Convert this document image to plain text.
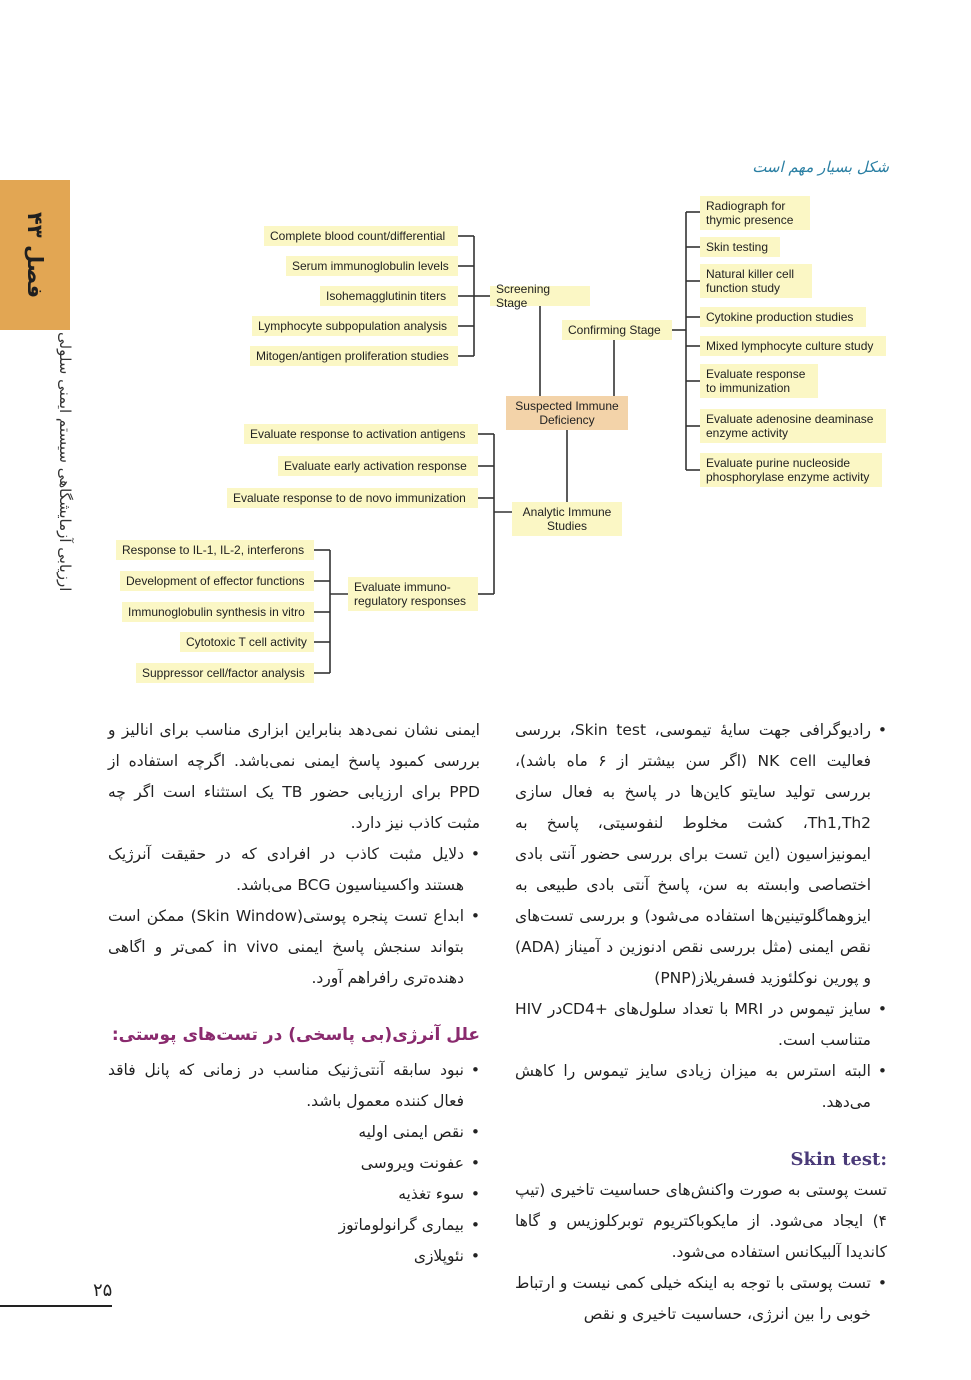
فصل ۴۳
ارزیابی آزمایشگاهی سیستم ایمنی سلولی
شکل بسیار مهم است
Complete blood count/differential
Serum immunoglobulin levels
Isohemagglutinin titers
Lymphocyte subpopulation analysis
Mitogen/antigen proliferation studies
Screening Stage
Confirming Stage
Radiograph for thymic presence
Skin testing
Natural killer cell function study
Cytokine production studies
Mixed lymphocyte culture study
Evaluate response to immunization
Evaluate adenosine deaminase enzyme activity
Evaluate purine nucleoside phosphorylase enzyme activity
Suspected Immune Deficiency
Evaluate response to activation antigens
Evaluate early activation response
Evaluate response to de novo immunization
Analytic Immune Studies
Response to IL-1, IL-2, interferons
Development of effector functions
Immunoglobulin synthesis in vitro
Cytotoxic T cell activity
Suppressor cell/factor analysis
Evaluate immuno- regulatory responses
• رادیوگرافی جهت سایهٔ تیموسی، Skin test، بررسی فعالیت NK cell (اگر سن بیشتر از ۶ ماه باشد)، بررسی تولید سایتو کاین‌ها در پاسخ به فعال سازی Th1,Th2، کشت مخلوط لنفوسیتی، پاسخ به ایمونیزاسیون (این تست برای بررسی حضور آنتی بادی اختصاصی وابسته به سن، پاسخ آنتی بادی طبیعی به ایزوهماگلوتینین‌ها استفاده می‌شود) و بررسی تست‌های نقص ایمنی (مثل بررسی نقص ادنوزین د آمیناز (ADA) و پورین نوکلئوزید فسفریلاز(PNP)
• سایز تیموس در MRI با تعداد سلول‌های +CD4در HIV متناسب است.
• البته استرس به میزان زیادی سایز تیموس را کاهش می‌دهد.
Skin test:
تست پوستی به صورت واکنش‌های حساسیت تاخیری (تیپ ۴) ایجاد می‌شود. از مایکوباکتریوم توبرکلوزیس و گاها کاندیدا آلبیکانس استفاده می‌شود.
• تست پوستی با توجه به اینکه خیلی کمی نیست و ارتباط خوبی را بین انرژی، حساسیت تاخیری و نقص
ایمنی نشان نمی‌دهد بنابراین ابزاری مناسب برای انالیز و بررسی کمبود پاسخ ایمنی نمی‌باشد. اگرچه استفاده از PPD برای ارزیابی حضور TB یک استثناء است اگر چه مثبت کاذب نیز دارد.
• دلایل مثبت کاذب در افرادی که در حقیقت آنرژیک هستند واکسیناسیون BCG می‌باشد.
• ابداع تست پنجره پوستی(Skin Window) ممکن است بتواند سنجش پاسخ ایمنی in vivo کمی‌تر و اگاهی دهنده‌تری رافراهم آورد.
علل آنرژی(بی پاسخی) در تست‌های پوستی:
• نبود سابقه آنتی‌ژنیک مناسب در زمانی که پانل فاقد فعال کننده معمول باشد.
• نقص ایمنی اولیه
• عفونت ویروسی
• سوء تغذیه
• بیماری گرانولوماتوز
• نئوپلازی
۲۵
